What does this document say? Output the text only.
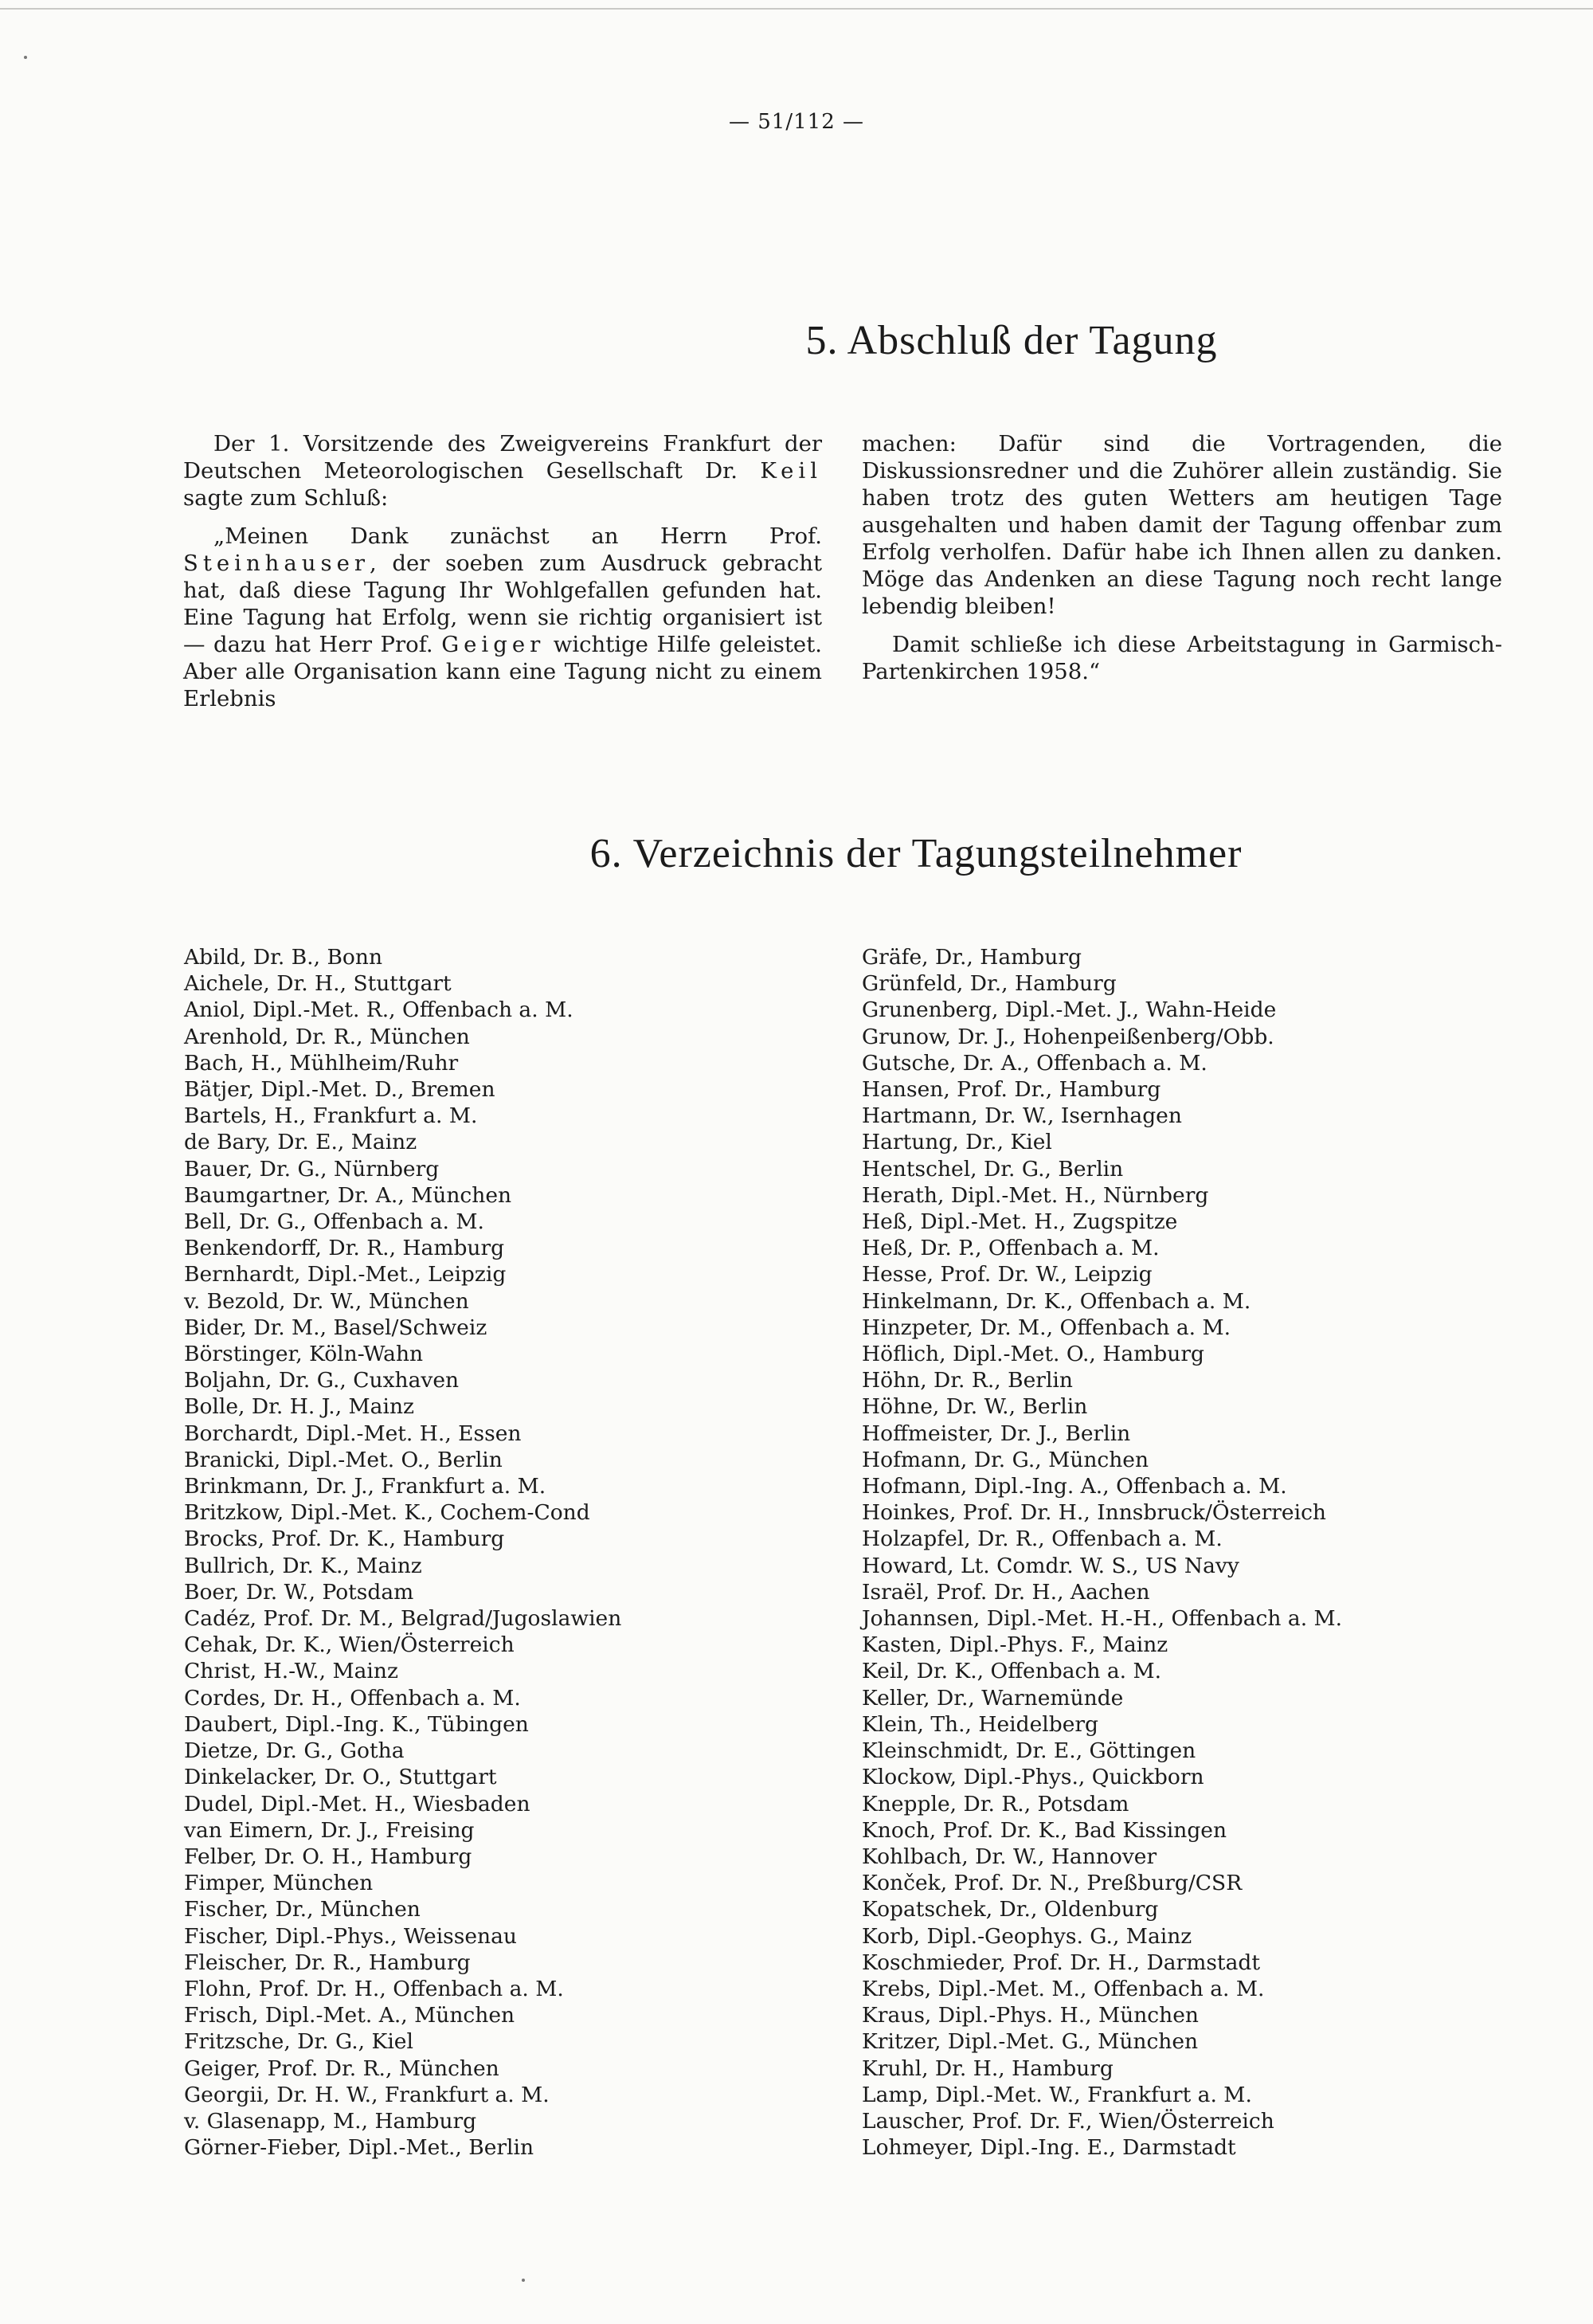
— 51/112 —
5. Abschluß der Tagung

Der 1. Vorsitzende des Zweigvereins Frankfurt der Deutschen Meteorologischen Gesellschaft Dr. Keil sagte zum Schluß:

„Meinen Dank zunächst an Herrn Prof. Steinhauser, der soeben zum Ausdruck gebracht hat, daß diese Tagung Ihr Wohlgefallen gefunden hat. Eine Tagung hat Erfolg, wenn sie richtig organisiert ist — dazu hat Herr Prof. Geiger wichtige Hilfe geleistet. Aber alle Organisation kann eine Tagung nicht zu einem Erlebnis

machen: Dafür sind die Vortragenden, die Diskussionsredner und die Zuhörer allein zuständig. Sie haben trotz des guten Wetters am heutigen Tage ausgehalten und haben damit der Tagung offenbar zum Erfolg verholfen. Dafür habe ich Ihnen allen zu danken. Möge das Andenken an diese Tagung noch recht lange lebendig bleiben!

Damit schließe ich diese Arbeitstagung in Garmisch-Partenkirchen 1958.“

6. Verzeichnis der Tagungsteilnehmer
Abild, Dr. B., Bonn
Aichele, Dr. H., Stuttgart
Aniol, Dipl.-Met. R., Offenbach a. M.
Arenhold, Dr. R., München
Bach, H., Mühlheim/Ruhr
Bätjer, Dipl.-Met. D., Bremen
Bartels, H., Frankfurt a. M.
de Bary, Dr. E., Mainz
Bauer, Dr. G., Nürnberg
Baumgartner, Dr. A., München
Bell, Dr. G., Offenbach a. M.
Benkendorff, Dr. R., Hamburg
Bernhardt, Dipl.-Met., Leipzig
v. Bezold, Dr. W., München
Bider, Dr. M., Basel/Schweiz
Börstinger, Köln-Wahn
Boljahn, Dr. G., Cuxhaven
Bolle, Dr. H. J., Mainz
Borchardt, Dipl.-Met. H., Essen
Branicki, Dipl.-Met. O., Berlin
Brinkmann, Dr. J., Frankfurt a. M.
Britzkow, Dipl.-Met. K., Cochem-Cond
Brocks, Prof. Dr. K., Hamburg
Bullrich, Dr. K., Mainz
Boer, Dr. W., Potsdam
Cadéz, Prof. Dr. M., Belgrad/Jugoslawien
Cehak, Dr. K., Wien/Österreich
Christ, H.-W., Mainz
Cordes, Dr. H., Offenbach a. M.
Daubert, Dipl.-Ing. K., Tübingen
Dietze, Dr. G., Gotha
Dinkelacker, Dr. O., Stuttgart
Dudel, Dipl.-Met. H., Wiesbaden
van Eimern, Dr. J., Freising
Felber, Dr. O. H., Hamburg
Fimper, München
Fischer, Dr., München
Fischer, Dipl.-Phys., Weissenau
Fleischer, Dr. R., Hamburg
Flohn, Prof. Dr. H., Offenbach a. M.
Frisch, Dipl.-Met. A., München
Fritzsche, Dr. G., Kiel
Geiger, Prof. Dr. R., München
Georgii, Dr. H. W., Frankfurt a. M.
v. Glasenapp, M., Hamburg
Görner-Fieber, Dipl.-Met., Berlin
Gräfe, Dr., Hamburg
Grünfeld, Dr., Hamburg
Grunenberg, Dipl.-Met. J., Wahn-Heide
Grunow, Dr. J., Hohenpeißenberg/Obb.
Gutsche, Dr. A., Offenbach a. M.
Hansen, Prof. Dr., Hamburg
Hartmann, Dr. W., Isernhagen
Hartung, Dr., Kiel
Hentschel, Dr. G., Berlin
Herath, Dipl.-Met. H., Nürnberg
Heß, Dipl.-Met. H., Zugspitze
Heß, Dr. P., Offenbach a. M.
Hesse, Prof. Dr. W., Leipzig
Hinkelmann, Dr. K., Offenbach a. M.
Hinzpeter, Dr. M., Offenbach a. M.
Höflich, Dipl.-Met. O., Hamburg
Höhn, Dr. R., Berlin
Höhne, Dr. W., Berlin
Hoffmeister, Dr. J., Berlin
Hofmann, Dr. G., München
Hofmann, Dipl.-Ing. A., Offenbach a. M.
Hoinkes, Prof. Dr. H., Innsbruck/Österreich
Holzapfel, Dr. R., Offenbach a. M.
Howard, Lt. Comdr. W. S., US Navy
Israël, Prof. Dr. H., Aachen
Johannsen, Dipl.-Met. H.-H., Offenbach a. M.
Kasten, Dipl.-Phys. F., Mainz
Keil, Dr. K., Offenbach a. M.
Keller, Dr., Warnemünde
Klein, Th., Heidelberg
Kleinschmidt, Dr. E., Göttingen
Klockow, Dipl.-Phys., Quickborn
Knepple, Dr. R., Potsdam
Knoch, Prof. Dr. K., Bad Kissingen
Kohlbach, Dr. W., Hannover
Konček, Prof. Dr. N., Preßburg/CSR
Kopatschek, Dr., Oldenburg
Korb, Dipl.-Geophys. G., Mainz
Koschmieder, Prof. Dr. H., Darmstadt
Krebs, Dipl.-Met. M., Offenbach a. M.
Kraus, Dipl.-Phys. H., München
Kritzer, Dipl.-Met. G., München
Kruhl, Dr. H., Hamburg
Lamp, Dipl.-Met. W., Frankfurt a. M.
Lauscher, Prof. Dr. F., Wien/Österreich
Lohmeyer, Dipl.-Ing. E., Darmstadt
